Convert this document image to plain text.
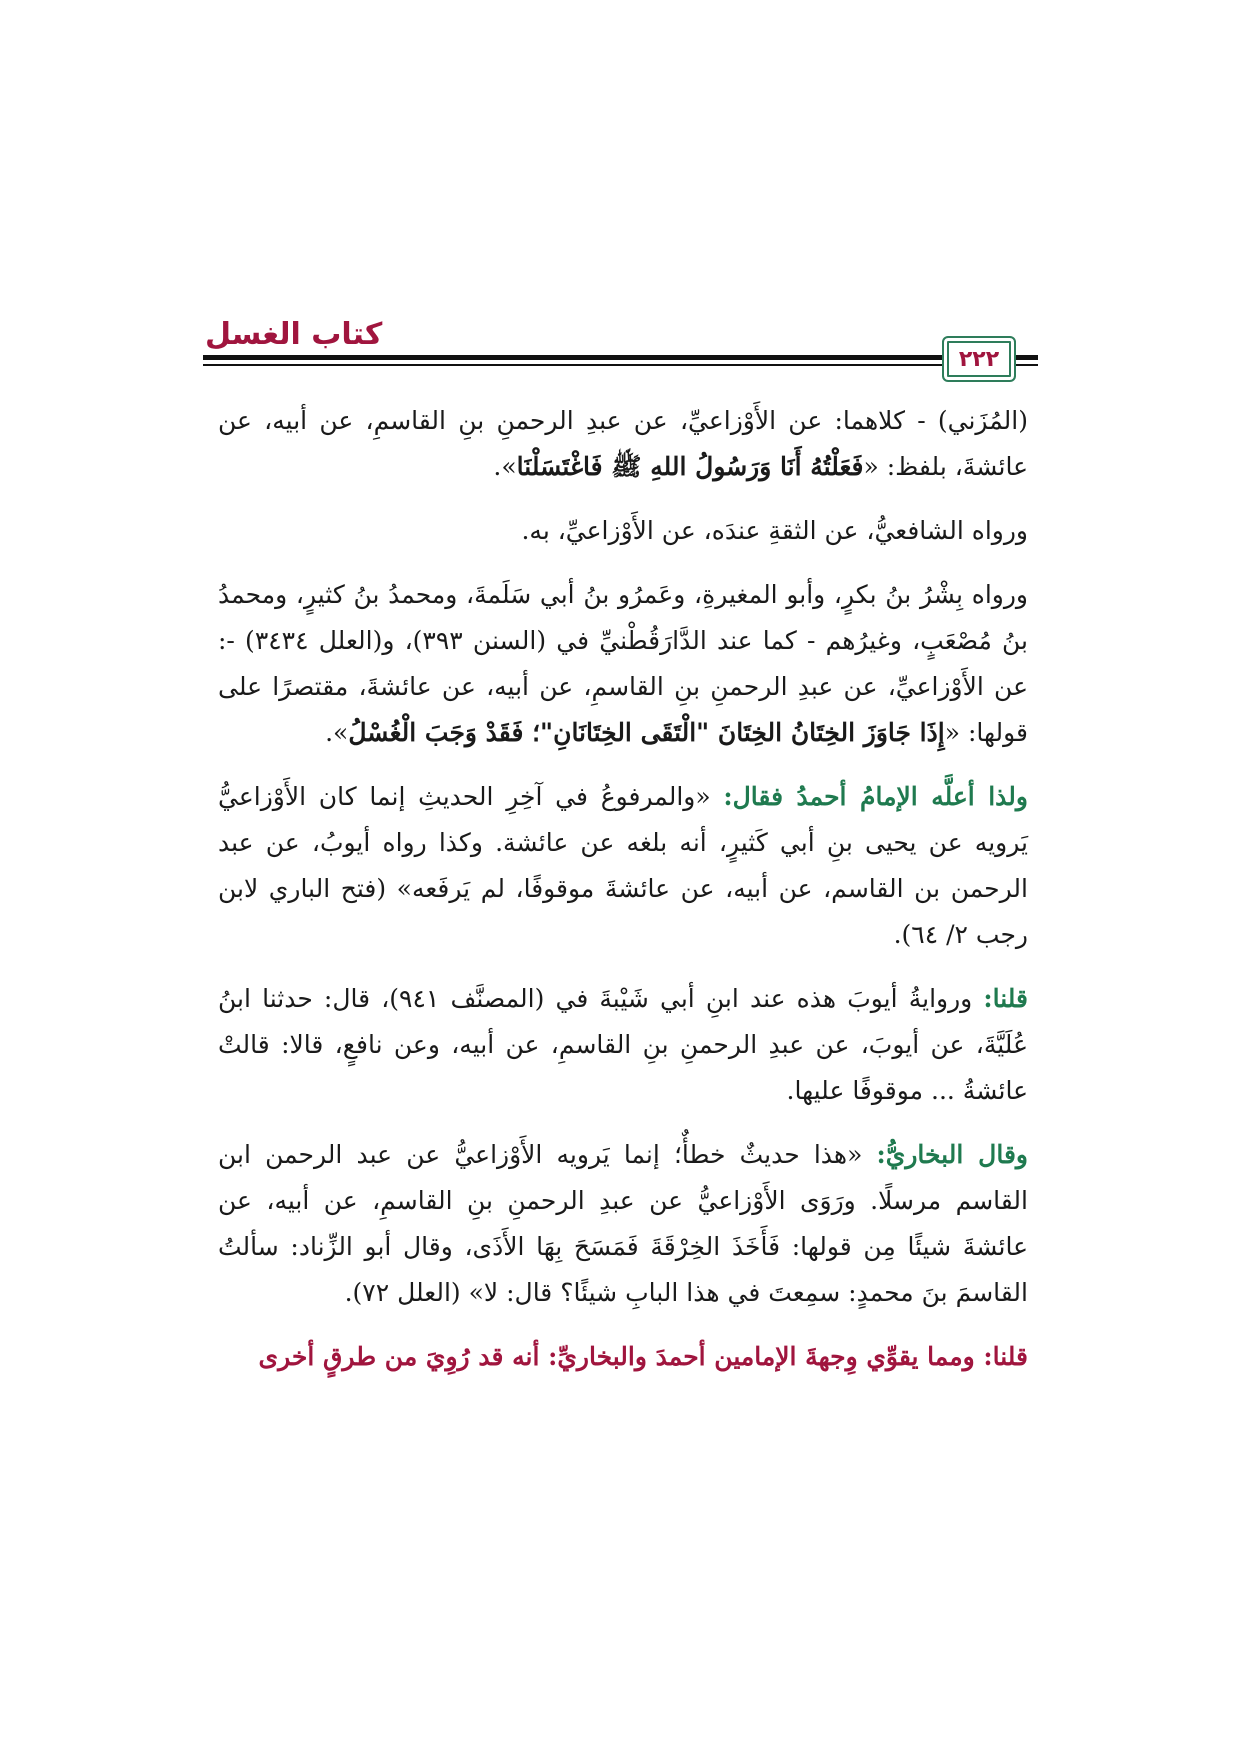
كتاب الغسل
٢٢٢

(المُزَني) - كلاهما: عن الأَوْزاعيِّ، عن عبدِ الرحمنِ بنِ القاسمِ، عن أبيه، عن عائشةَ، بلفظ: «فَعَلْتُهُ أَنَا وَرَسُولُ اللهِ ﷺ فَاغْتَسَلْنَا».

ورواه الشافعيُّ، عن الثقةِ عندَه، عن الأَوْزاعيِّ، به.

ورواه بِشْرُ بنُ بكرٍ، وأبو المغيرةِ، وعَمرُو بنُ أبي سَلَمةَ، ومحمدُ بنُ كثيرٍ، ومحمدُ بنُ مُصْعَبٍ، وغيرُهم - كما عند الدَّارَقُطْنيِّ في (السنن ٣٩٣)، و(العلل ٣٤٣٤) -: عن الأَوْزاعيِّ، عن عبدِ الرحمنِ بنِ القاسمِ، عن أبيه، عن عائشةَ، مقتصرًا على قولها: «إِذَا جَاوَزَ الخِتَانُ الخِتَانَ "الْتَقَى الخِتَانَانِ"؛ فَقَدْ وَجَبَ الْغُسْلُ».

ولذا أعلَّه الإمامُ أحمدُ فقال: «والمرفوعُ في آخِرِ الحديثِ إنما كان الأَوْزاعيُّ يَرويه عن يحيى بنِ أبي كَثيرٍ، أنه بلغه عن عائشة. وكذا رواه أيوبُ، عن عبد الرحمن بن القاسم، عن أبيه، عن عائشةَ موقوفًا، لم يَرفَعه» (فتح الباري لابن رجب ٢/ ٦٤).

قلنا: وروايةُ أيوبَ هذه عند ابنِ أبي شَيْبةَ في (المصنَّف ٩٤١)، قال: حدثنا ابنُ عُلَيَّةَ، عن أيوبَ، عن عبدِ الرحمنِ بنِ القاسمِ، عن أبيه، وعن نافعٍ، قالا: قالتْ عائشةُ ... موقوفًا عليها.

وقال البخاريُّ: «هذا حديثٌ خطأٌ؛ إنما يَرويه الأَوْزاعيُّ عن عبد الرحمن ابن القاسم مرسلًا. ورَوَى الأَوْزاعيُّ عن عبدِ الرحمنِ بنِ القاسمِ، عن أبيه، عن عائشةَ شيئًا مِن قولها: فَأَخَذَ الخِرْقَةَ فَمَسَحَ بِهَا الأَذَى، وقال أبو الزِّناد: سألتُ القاسمَ بنَ محمدٍ: سمِعتَ في هذا البابِ شيئًا؟ قال: لا» (العلل ٧٢).

قلنا: ومما يقوِّي وِجهةَ الإمامين أحمدَ والبخاريِّ: أنه قد رُوِيَ من طرقٍ أخرى
